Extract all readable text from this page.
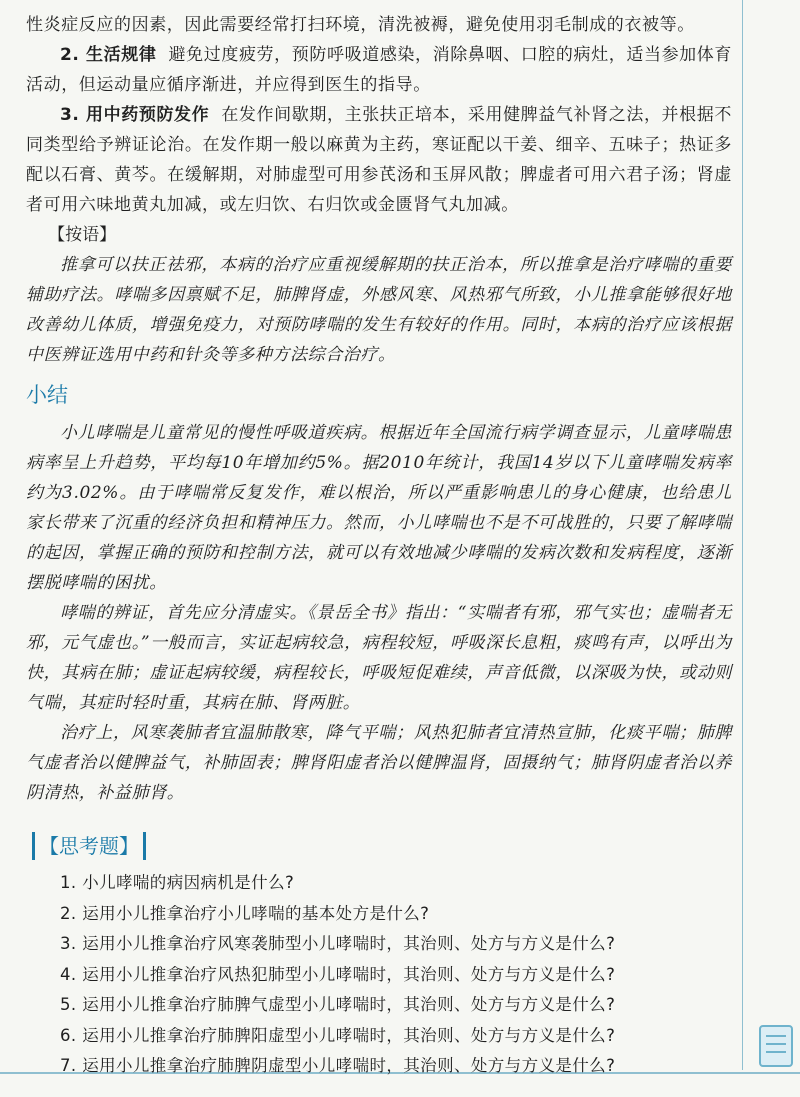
性炎症反应的因素，因此需要经常打扫环境，清洗被褥，避免使用羽毛制成的衣被等。

2. 生活规律 避免过度疲劳，预防呼吸道感染，消除鼻咽、口腔的病灶，适当参加体育活动，但运动量应循序渐进，并应得到医生的指导。

3. 用中药预防发作 在发作间歇期，主张扶正培本，采用健脾益气补肾之法，并根据不同类型给予辨证论治。在发作期一般以麻黄为主药，寒证配以干姜、细辛、五味子；热证多配以石膏、黄芩。在缓解期，对肺虚型可用参芪汤和玉屏风散；脾虚者可用六君子汤；肾虚者可用六味地黄丸加减，或左归饮、右归饮或金匮肾气丸加减。

【按语】

推拿可以扶正祛邪，本病的治疗应重视缓解期的扶正治本，所以推拿是治疗哮喘的重要辅助疗法。哮喘多因禀赋不足，肺脾肾虚，外感风寒、风热邪气所致，小儿推拿能够很好地改善幼儿体质，增强免疫力，对预防哮喘的发生有较好的作用。同时，本病的治疗应该根据中医辨证选用中药和针灸等多种方法综合治疗。

小结

小儿哮喘是儿童常见的慢性呼吸道疾病。根据近年全国流行病学调查显示，儿童哮喘患病率呈上升趋势，平均每10年增加约5%。据2010年统计，我国14岁以下儿童哮喘发病率约为3.02%。由于哮喘常反复发作，难以根治，所以严重影响患儿的身心健康，也给患儿家长带来了沉重的经济负担和精神压力。然而，小儿哮喘也不是不可战胜的，只要了解哮喘的起因，掌握正确的预防和控制方法，就可以有效地减少哮喘的发病次数和发病程度，逐渐摆脱哮喘的困扰。

哮喘的辨证，首先应分清虚实。《景岳全书》指出：“实喘者有邪，邪气实也；虚喘者无邪，元气虚也。”一般而言，实证起病较急，病程较短，呼吸深长息粗，痰鸣有声，以呼出为快，其病在肺；虚证起病较缓，病程较长，呼吸短促难续，声音低微，以深吸为快，或动则气喘，其症时轻时重，其病在肺、肾两脏。

治疗上，风寒袭肺者宜温肺散寒，降气平喘；风热犯肺者宜清热宣肺，化痰平喘；肺脾气虚者治以健脾益气，补肺固表；脾肾阳虚者治以健脾温肾，固摄纳气；肺肾阴虚者治以养阴清热，补益肺肾。

【思考题】
1. 小儿哮喘的病因病机是什么?
2. 运用小儿推拿治疗小儿哮喘的基本处方是什么?
3. 运用小儿推拿治疗风寒袭肺型小儿哮喘时，其治则、处方与方义是什么?
4. 运用小儿推拿治疗风热犯肺型小儿哮喘时，其治则、处方与方义是什么?
5. 运用小儿推拿治疗肺脾气虚型小儿哮喘时，其治则、处方与方义是什么?
6. 运用小儿推拿治疗肺脾阳虚型小儿哮喘时，其治则、处方与方义是什么?
7. 运用小儿推拿治疗肺脾阴虚型小儿哮喘时，其治则、处方与方义是什么?
